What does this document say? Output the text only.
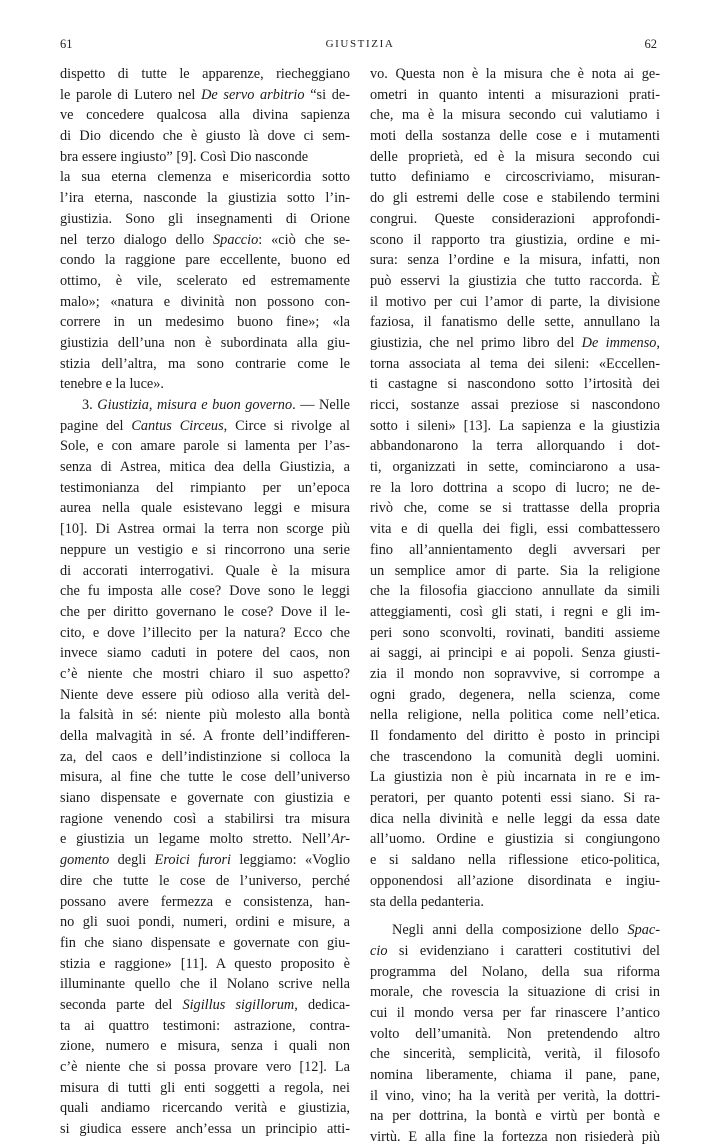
61	GIUSTIZIA	62
dispetto di tutte le apparenze, riecheggiano
le parole di Lutero nel De servo arbitrio “si de-
ve concedere qualcosa alla divina sapienza
di Dio dicendo che è giusto là dove ci sem-
bra essere ingiusto” [9]. Così Dio nasconde
la sua eterna clemenza e misericordia sotto
l’ira eterna, nasconde la giustizia sotto l’in-
giustizia. Sono gli insegnamenti di Orione
nel terzo dialogo dello Spaccio: «ciò che se-
condo la raggione pare eccellente, buono ed
ottimo, è vile, scelerato ed estremamente
malo»; «natura e divinità non possono con-
correre in un medesimo buono fine»; «la
giustizia dell’una non è subordinata alla giu-
stizia dell’altra, ma sono contrarie come le
tenebre e la luce».
3. Giustizia, misura e buon governo. — Nelle
pagine del Cantus Circeus, Circe si rivolge al
Sole, e con amare parole si lamenta per l’as-
senza di Astrea, mitica dea della Giustizia, a
testimonianza del rimpianto per un’epoca
aurea nella quale esistevano leggi e misura
[10]. Di Astrea ormai la terra non scorge più
neppure un vestigio e si rincorrono una serie
di accorati interrogativi. Quale è la misura
che fu imposta alle cose? Dove sono le leggi
che per diritto governano le cose? Dove il le-
cito, e dove l’illecito per la natura? Ecco che
invece siamo caduti in potere del caos, non
c’è niente che mostri chiaro il suo aspetto?
Niente deve essere più odioso alla verità del-
la falsità in sé: niente più molesto alla bontà
della malvagità in sé. A fronte dell’indifferen-
za, del caos e dell’indistinzione si colloca la
misura, al fine che tutte le cose dell’universo
siano dispensate e governate con giustizia e
ragione venendo così a stabilirsi tra misura
e giustizia un legame molto stretto. Nell’Ar-
gomento degli Eroici furori leggiamo: «Voglio
dire che tutte le cose de l’universo, perché
possano avere fermezza e consistenza, han-
no gli suoi pondi, numeri, ordini e misure, a
fin che siano dispensate e governate con giu-
stizia e raggione» [11]. A questo proposito è
illuminante quello che il Nolano scrive nella
seconda parte del Sigillus sigillorum, dedica-
ta ai quattro testimoni: astrazione, contra-
zione, numero e misura, senza i quali non
c’è niente che si possa provare vero [12]. La
misura di tutti gli enti soggetti a regola, nei
quali andiamo ricercando verità e giustizia,
si giudica essere anch’essa un principio atti-
vo. Questa non è la misura che è nota ai ge-
ometri in quanto intenti a misurazioni prati-
che, ma è la misura secondo cui valutiamo i
moti della sostanza delle cose e i mutamenti
delle proprietà, ed è la misura secondo cui
tutto definiamo e circoscriviamo, misuran-
do gli estremi delle cose e stabilendo termini
congrui. Queste considerazioni approfondi-
scono il rapporto tra giustizia, ordine e mi-
sura: senza l’ordine e la misura, infatti, non
può esservi la giustizia che tutto raccorda. È
il motivo per cui l’amor di parte, la divisione
faziosa, il fanatismo delle sette, annullano la
giustizia, che nel primo libro del De immenso,
torna associata al tema dei sileni: «Eccellen-
ti castagne si nascondono sotto l’irtosità dei
ricci, sostanze assai preziose si nascondono
sotto i sileni» [13]. La sapienza e la giustizia
abbandonarono la terra allorquando i dot-
ti, organizzati in sette, cominciarono a usa-
re la loro dottrina a scopo di lucro; ne de-
rivò che, come se si trattasse della propria
vita e di quella dei figli, essi combattessero
fino all’annientamento degli avversari per
un semplice amor di parte. Sia la religione
che la filosofia giacciono annullate da simili
atteggiamenti, così gli stati, i regni e gli im-
peri sono sconvolti, rovinati, banditi assieme
ai saggi, ai principi e ai popoli. Senza giusti-
zia il mondo non sopravvive, si corrompe a
ogni grado, degenera, nella scienza, come
nella religione, nella politica come nell’etica.
Il fondamento del diritto è posto in principi
che trascendono la comunità degli uomini.
La giustizia non è più incarnata in re e im-
peratori, per quanto potenti essi siano. Si ra-
dica nella divinità e nelle leggi da essa date
all’uomo. Ordine e giustizia si congiungono
e si saldano nella riflessione etico-politica,
opponendosi all’azione disordinata e ingiu-
sta della pedanteria.
Negli anni della composizione dello Spac-
cio si evidenziano i caratteri costitutivi del
programma del Nolano, della sua riforma
morale, che rovescia la situazione di crisi in
cui il mondo versa per far rinascere l’antico
volto dell’umanità. Non pretendendo altro
che sincerità, semplicità, verità, il filosofo
nomina liberamente, chiama il pane, pane,
il vino, vino; ha la verità per verità, la dottri-
na per dottrina, la bontà e virtù per bontà e
virtù. E alla fine la fortezza non risiederà più
